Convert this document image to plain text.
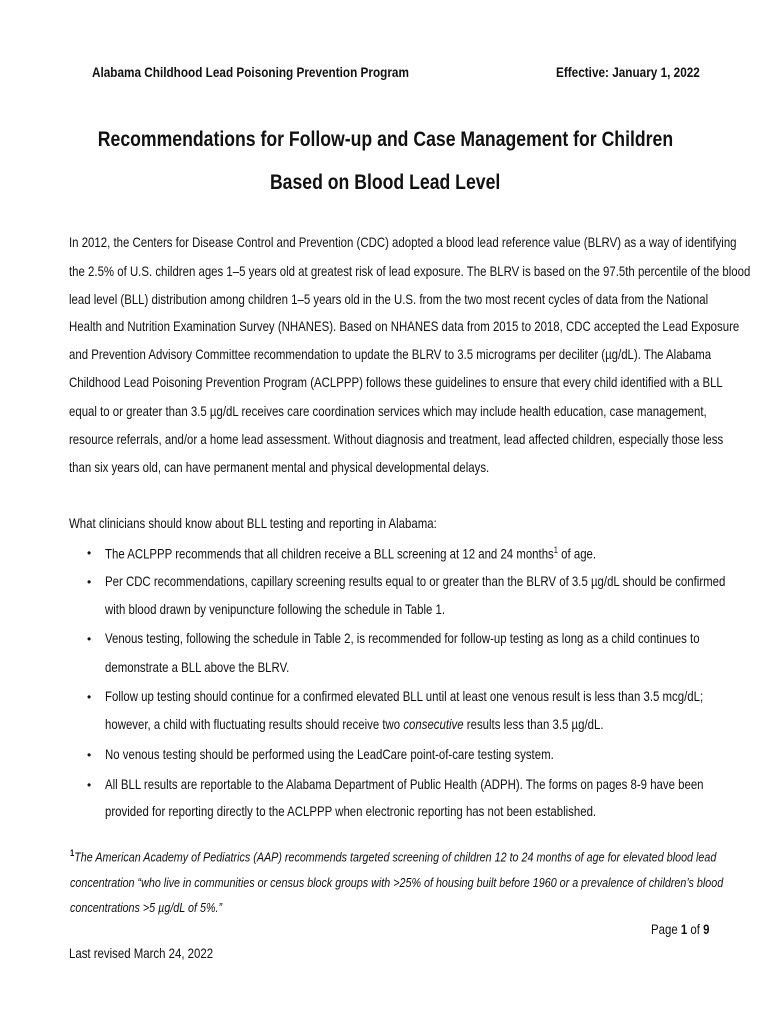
Alabama Childhood Lead Poisoning Prevention Program	Effective: January 1, 2022
Recommendations for Follow-up and Case Management for Children
Based on Blood Lead Level
In 2012, the Centers for Disease Control and Prevention (CDC) adopted a blood lead reference value (BLRV) as a way of identifying
the 2.5% of U.S. children ages 1–5 years old at greatest risk of lead exposure. The BLRV is based on the 97.5th percentile of the blood
lead level (BLL) distribution among children 1–5 years old in the U.S. from the two most recent cycles of data from the National
Health and Nutrition Examination Survey (NHANES). Based on NHANES data from 2015 to 2018, CDC accepted the Lead Exposure
and Prevention Advisory Committee recommendation to update the BLRV to 3.5 micrograms per deciliter (µg/dL). The Alabama
Childhood Lead Poisoning Prevention Program (ACLPPP) follows these guidelines to ensure that every child identified with a BLL
equal to or greater than 3.5 µg/dL receives care coordination services which may include health education, case management,
resource referrals, and/or a home lead assessment. Without diagnosis and treatment, lead affected children, especially those less
than six years old, can have permanent mental and physical developmental delays.
What clinicians should know about BLL testing and reporting in Alabama:
• The ACLPPP recommends that all children receive a BLL screening at 12 and 24 months$^1$ of age.
• Per CDC recommendations, capillary screening results equal to or greater than the BLRV of 3.5 µg/dL should be confirmed
with blood drawn by venipuncture following the schedule in Table 1.
• Venous testing, following the schedule in Table 2, is recommended for follow-up testing as long as a child continues to
demonstrate a BLL above the BLRV.
• Follow up testing should continue for a confirmed elevated BLL until at least one venous result is less than 3.5 mcg/dL;
however, a child with fluctuating results should receive two consecutive results less than 3.5 µg/dL.
• No venous testing should be performed using the LeadCare point-of-care testing system.
• All BLL results are reportable to the Alabama Department of Public Health (ADPH). The forms on pages 8-9 have been
provided for reporting directly to the ACLPPP when electronic reporting has not been established.
$^1$The American Academy of Pediatrics (AAP) recommends targeted screening of children 12 to 24 months of age for elevated blood lead
concentration “who live in communities or census block groups with >25% of housing built before 1960 or a prevalence of children’s blood
concentrations >5 µg/dL of 5%.”
Page 1 of 9
Last revised March 24, 2022
